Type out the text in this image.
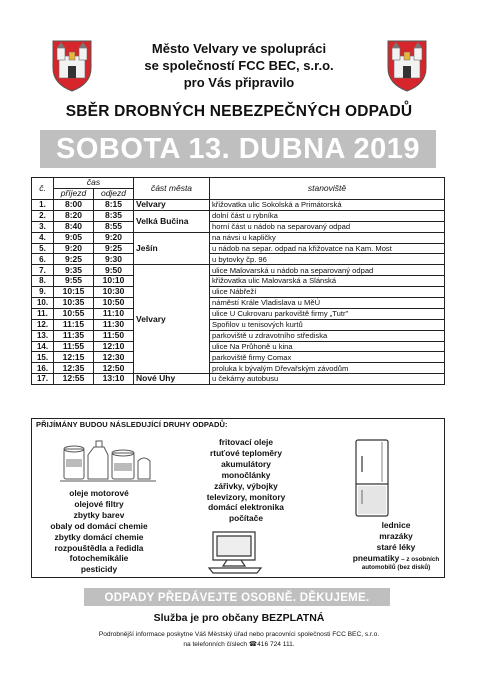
Město Velvary ve spolupráci
se společností FCC BEC, s.r.o.
pro Vás připravilo
SBĚR DROBNÝCH NEBEZPEČNÝCH ODPADŮ
SOBOTA 13. DUBNA 2019
č.	čas		část města	stanoviště
	příjezd	odjezd		
1.	8:00	8:15	Velvary	křižovatka ulic Sokolská a Primátorská
2.	8:20	8:35	Velká Bučina	dolní část u rybníka
3.	8:40	8:55		horní část u nádob na separovaný odpad
4.	9:05	9:20	Ješín	na návsi u kapličky
5.	9:20	9:25		u nádob na separ. odpad na křižovatce na Kam. Most
6.	9:25	9:30		u bytovky čp. 96
7.	9:35	9:50	Velvary	ulice Malovarská u nádob na separovaný odpad
8.	9:55	10:10		křižovatka ulic Malovarská a Slánská
9.	10:15	10:30		ulice Nábřeží
10.	10:35	10:50		náměstí Krále Vladislava u MěÚ
11.	10:55	11:10		ulice U Cukrovaru parkoviště firmy „Tutr"
12.	11:15	11:30		Spořilov u tenisových kurtů
13.	11:35	11:50		parkoviště u zdravotního střediska
14.	11:55	12:10		ulice Na Průhoně u kina
15.	12:15	12:30		parkoviště firmy Comax
16.	12:35	12:50		proluka k bývalým Dřevařským závodům
17.	12:55	13:10	Nové Uhy	u čekárny autobusu
PŘIJÍMÁNY BUDOU NÁSLEDUJÍCÍ DRUHY ODPADŮ:
oleje motorové
olejové filtry
zbytky barev
obaly od domácí chemie
zbytky domácí chemie
rozpouštědla a ředidla
fotochemikálie
pesticidy
fritovací oleje
rtuťové teploměry
akumulátory
monočlánky
zářivky, výbojky
televizory, monitory
domácí elektronika
počítače
lednice
mrazáky
staré léky
pneumatiky – z osobních
automobilů (bez disků)
ODPADY PŘEDÁVEJTE OSOBNĚ. DĚKUJEME.
Služba je pro občany BEZPLATNÁ
Podrobnější informace poskytne Váš Městský úřad nebo pracovníci společnosti FCC BEC, s.r.o.
na telefonních číslech ☎416 724 111.
